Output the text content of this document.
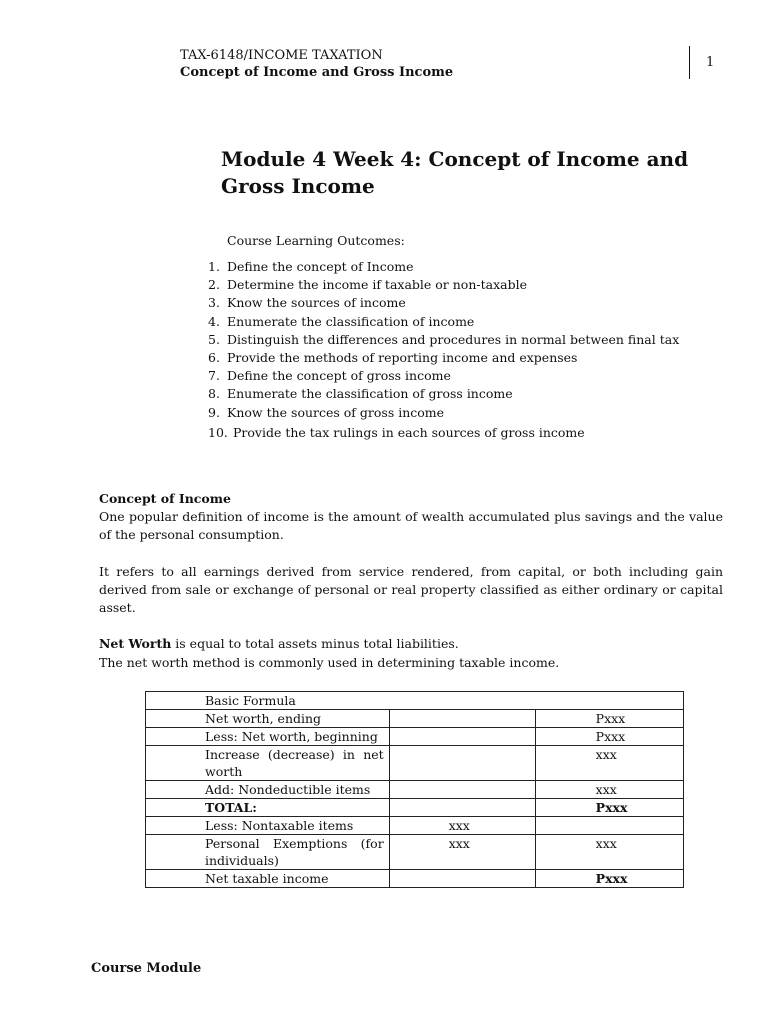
TAX-6148/INCOME TAXATION
Concept of Income and Gross Income
1
Module 4 Week 4: Concept of Income and Gross Income
Course Learning Outcomes:
1. Define the concept of Income
2. Determine the income if taxable or non-taxable
3. Know the sources of income
4. Enumerate the classification of income
5. Distinguish the differences and procedures in normal between final tax
6. Provide the methods of reporting income and expenses
7. Define the concept of gross income
8. Enumerate the classification of gross income
9. Know the sources of gross income
10. Provide the tax rulings in each sources of gross income
Concept of Income
One popular definition of income is the amount of wealth accumulated plus savings and the value of the personal consumption.
It refers to all earnings derived from service rendered, from capital, or both including gain derived from sale or exchange of personal or real property classified as either ordinary or capital asset.
Net Worth is equal to total assets minus total liabilities.
The net worth method is commonly used in determining taxable income.
Basic Formula		
Net worth, ending		Pxxx
Less: Net worth, beginning		Pxxx
Increase (decrease) in net worth		xxx
Add: Nondeductible items		xxx
TOTAL:		Pxxx
Less: Nontaxable items	xxx	
Personal Exemptions (for individuals)	xxx	xxx
Net taxable income		Pxxx
Course Module
